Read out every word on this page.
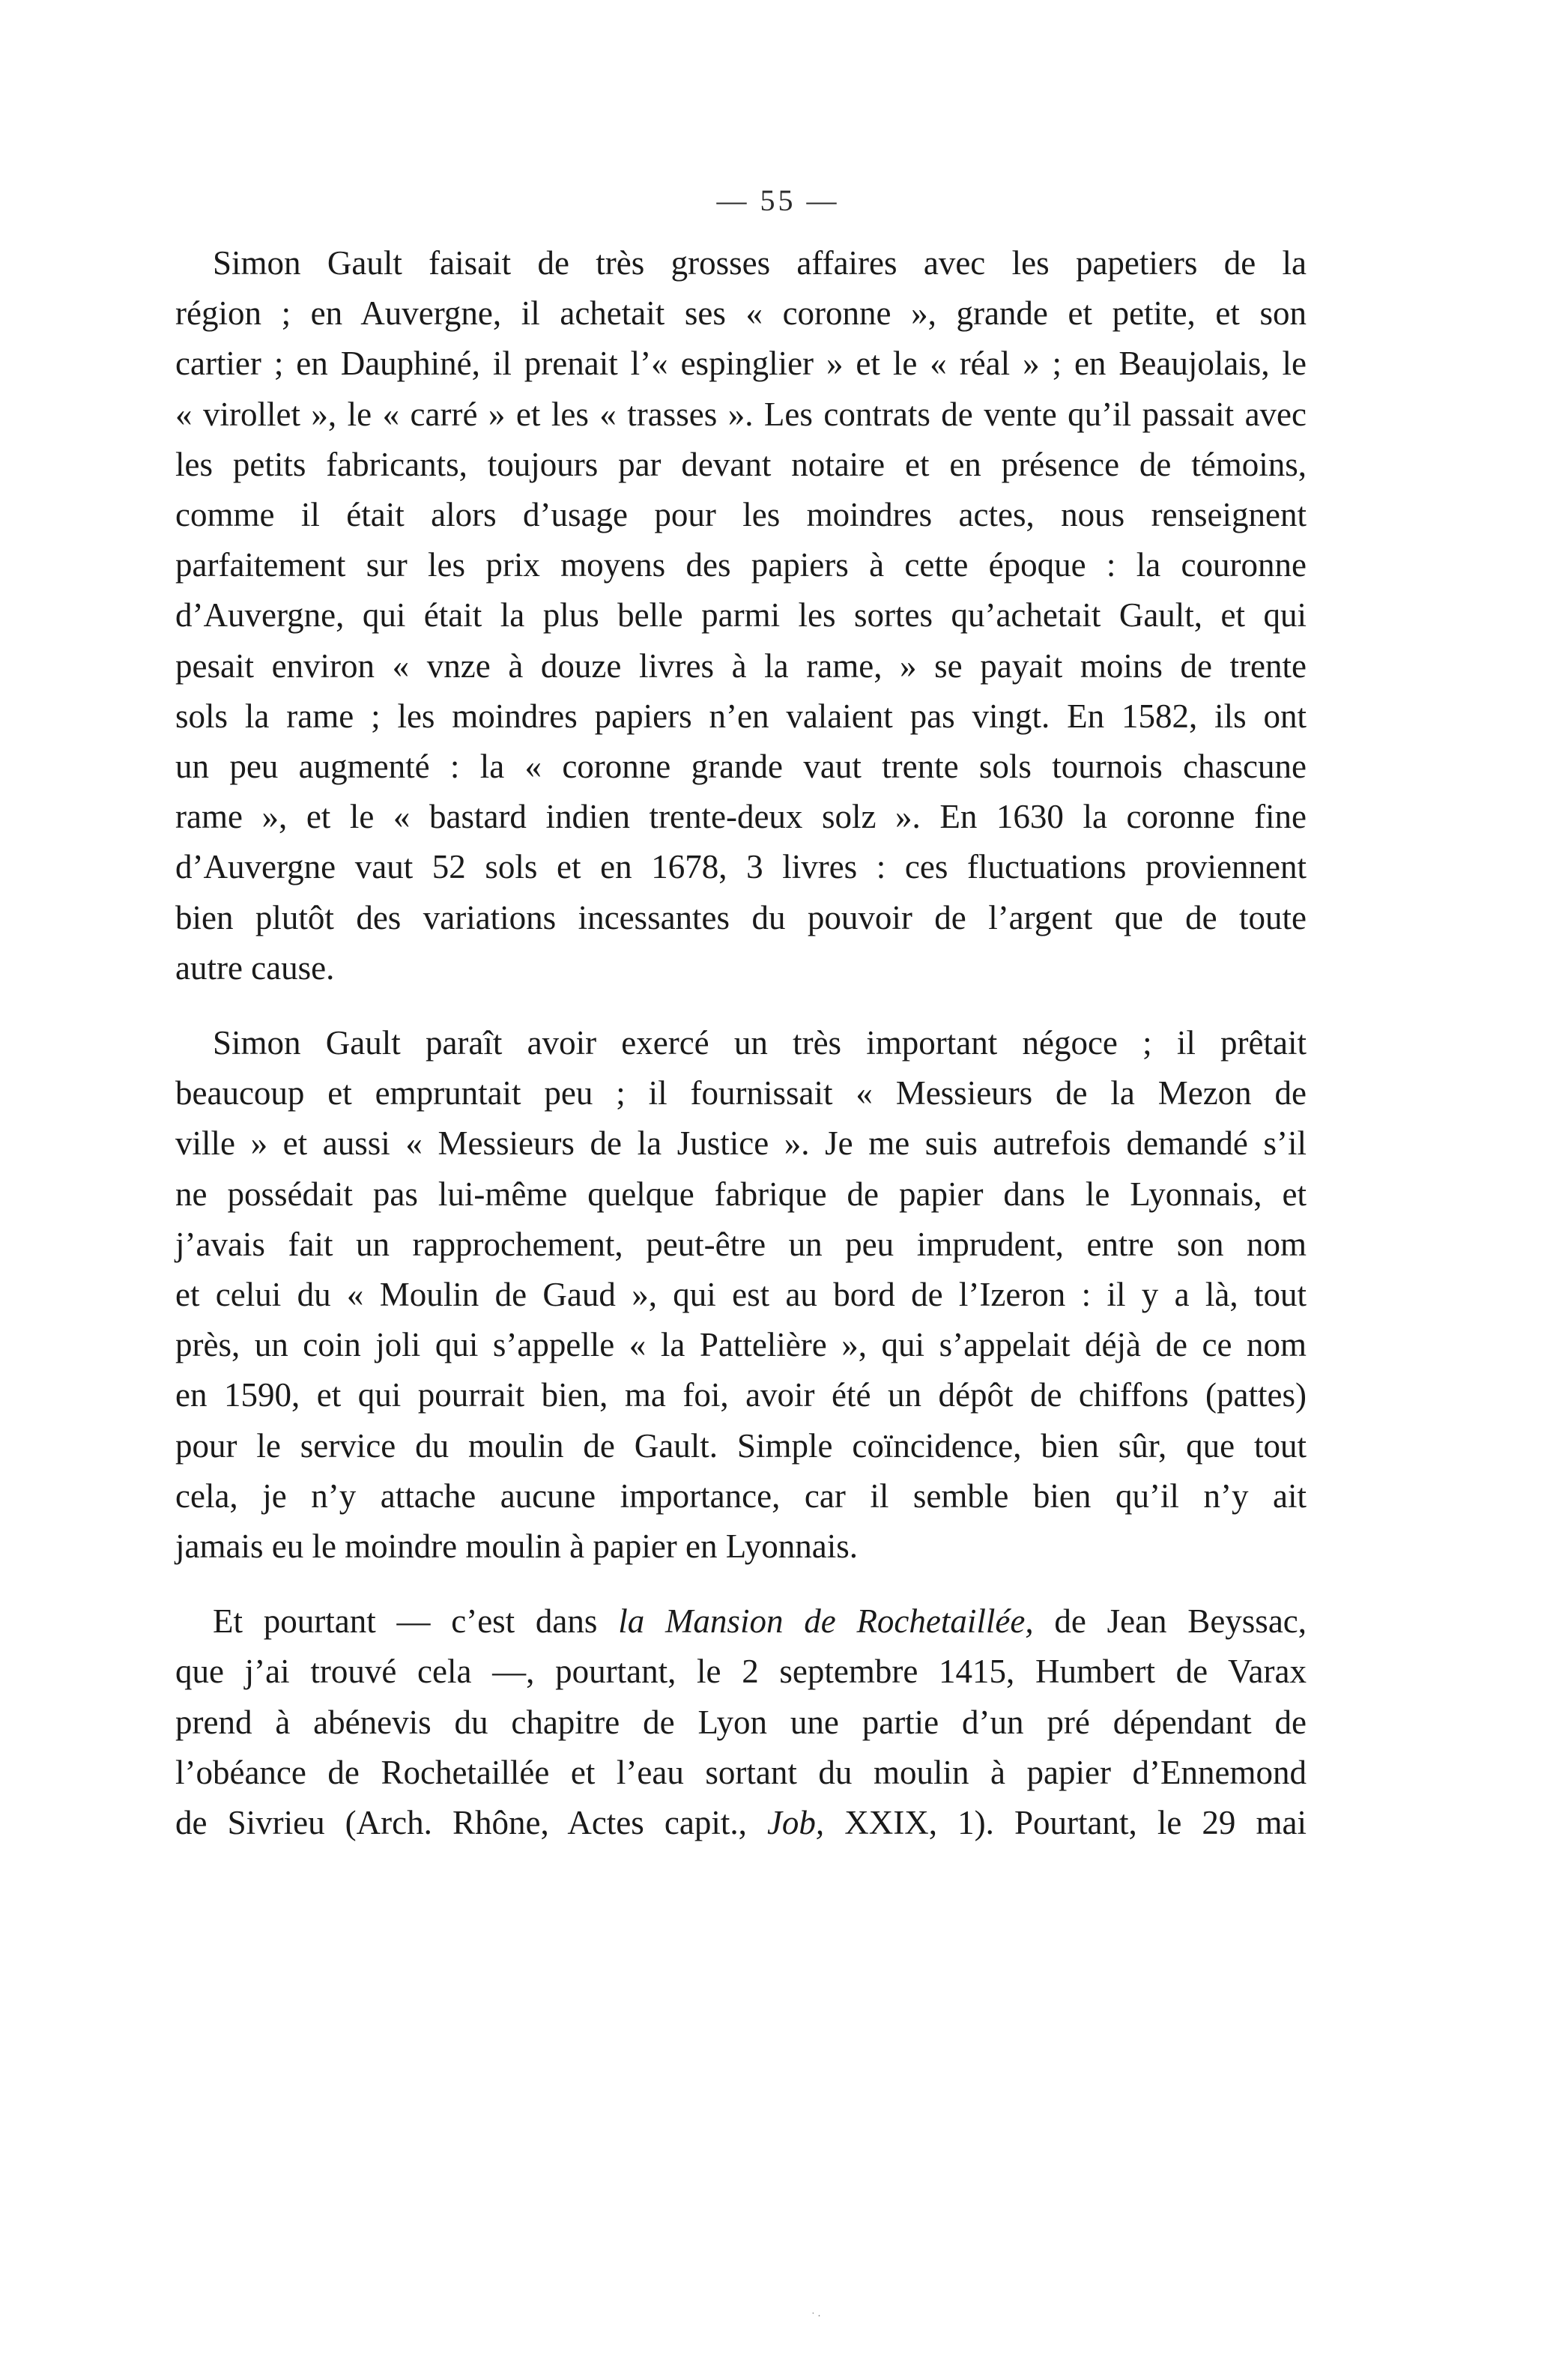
— 55 —

Simon Gault faisait de très grosses affaires avec les papetiers de la
région ; en Auvergne, il achetait ses « coronne », grande et petite, et son
cartier ; en Dauphiné, il prenait l’« espinglier » et le « réal » ; en Beaujolais, le
« virollet », le « carré » et les « trasses ». Les contrats de vente qu’il passait avec
les petits fabricants, toujours par devant notaire et en présence de témoins,
comme il était alors d’usage pour les moindres actes, nous renseignent
parfaitement sur les prix moyens des papiers à cette époque : la couronne
d’Auvergne, qui était la plus belle parmi les sortes qu’achetait Gault, et qui
pesait environ « vnze à douze livres à la rame, » se payait moins de trente
sols la rame ; les moindres papiers n’en valaient pas vingt. En 1582, ils ont
un peu augmenté : la « coronne grande vaut trente sols tournois chascune
rame », et le « bastard indien trente-deux solz ». En 1630 la coronne fine
d’Auvergne vaut 52 sols et en 1678, 3 livres : ces fluctuations proviennent
bien plutôt des variations incessantes du pouvoir de l’argent que de toute
autre cause.

Simon Gault paraît avoir exercé un très important négoce ; il prêtait
beaucoup et empruntait peu ; il fournissait « Messieurs de la Mezon de
ville » et aussi « Messieurs de la Justice ». Je me suis autrefois demandé s’il
ne possédait pas lui-même quelque fabrique de papier dans le Lyonnais, et
j’avais fait un rapprochement, peut-être un peu imprudent, entre son nom
et celui du « Moulin de Gaud », qui est au bord de l’Izeron : il y a là, tout
près, un coin joli qui s’appelle « la Pattelière », qui s’appelait déjà de ce nom
en 1590, et qui pourrait bien, ma foi, avoir été un dépôt de chiffons (pattes)
pour le service du moulin de Gault. Simple coïncidence, bien sûr, que tout
cela, je n’y attache aucune importance, car il semble bien qu’il n’y ait
jamais eu le moindre moulin à papier en Lyonnais.

Et pourtant — c’est dans la Mansion de Rochetaillée, de Jean Beyssac,
que j’ai trouvé cela —, pourtant, le 2 septembre 1415, Humbert de Varax
prend à abénevis du chapitre de Lyon une partie d’un pré dépendant de
l’obéance de Rochetaillée et l’eau sortant du moulin à papier d’Ennemond
de Sivrieu (Arch. Rhône, Actes capit., Job, XXIX, 1). Pourtant, le 29 mai

˙ ·
